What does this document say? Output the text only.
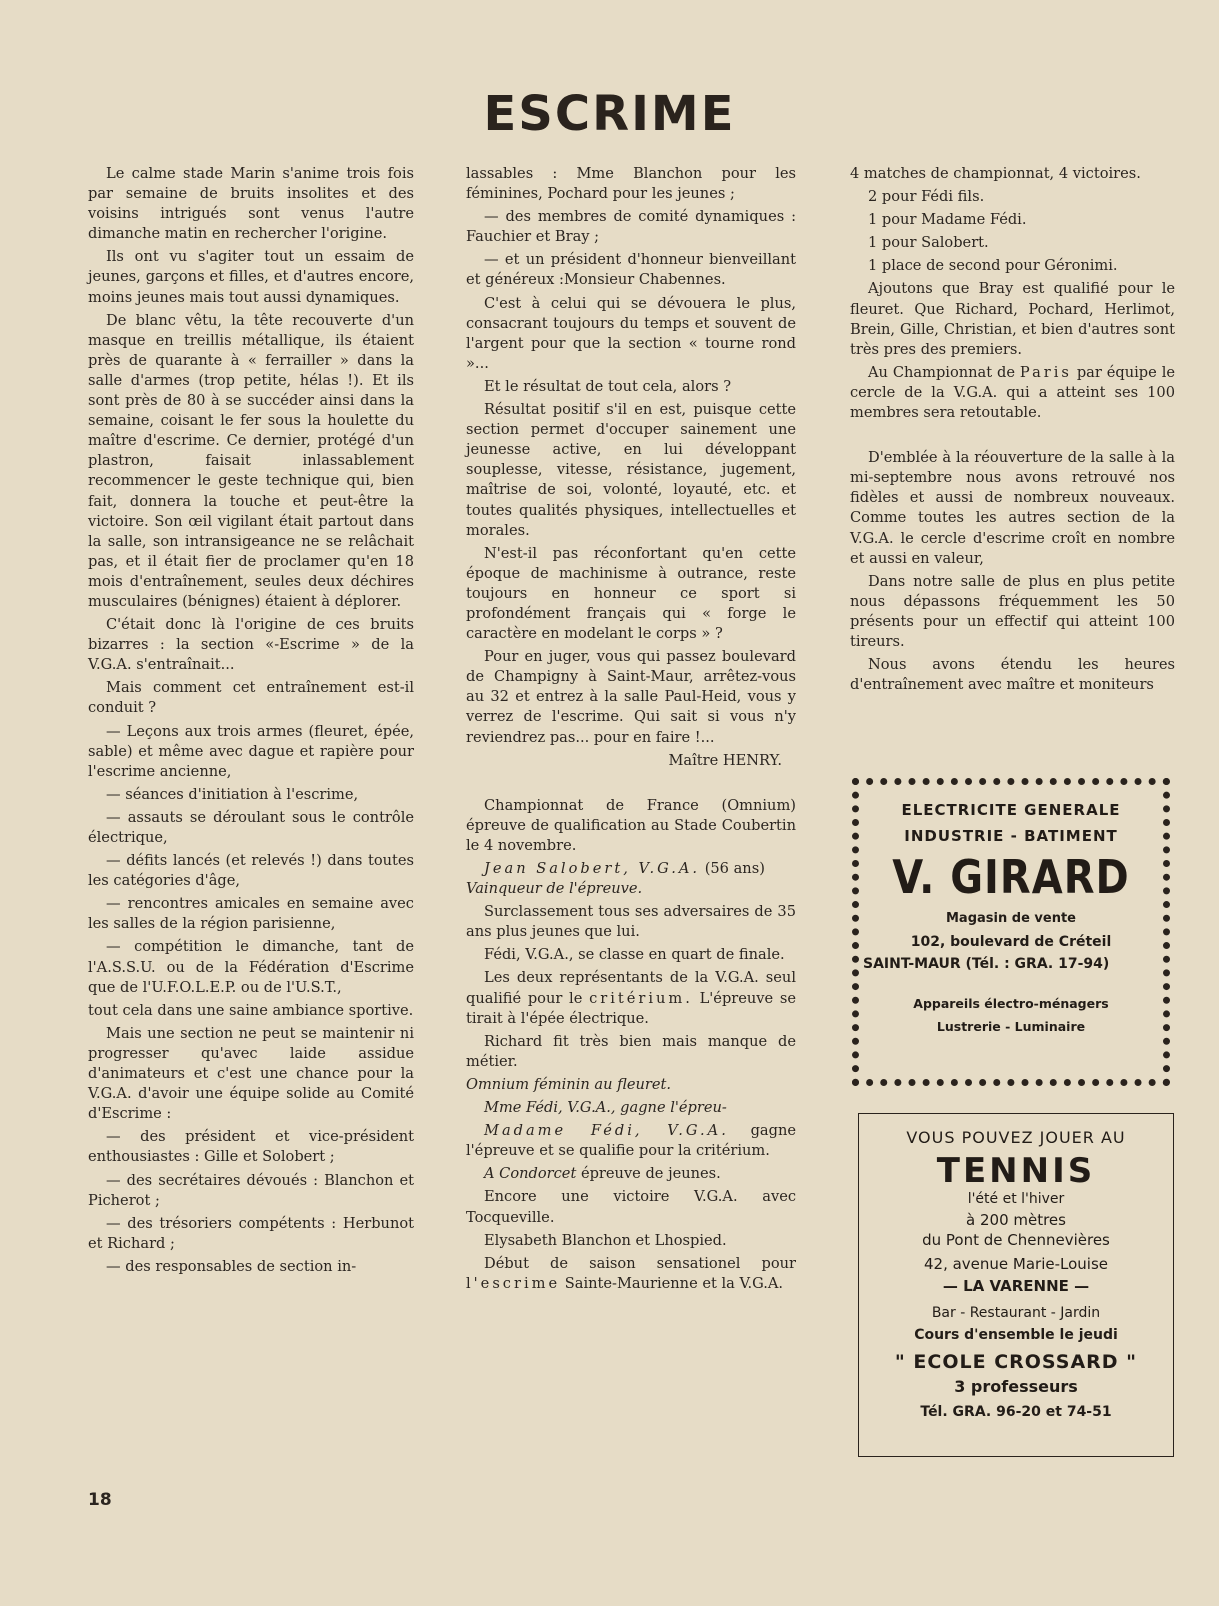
ESCRIME

Le calme stade Marin s'anime trois fois par semaine de bruits insolites et des voisins intrigués sont venus l'autre dimanche matin en rechercher l'origine.

Ils ont vu s'agiter tout un essaim de jeunes, garçons et filles, et d'autres encore, moins jeunes mais tout aussi dynamiques.

De blanc vêtu, la tête recouverte d'un masque en treillis métallique, ils étaient près de quarante à « ferrailler » dans la salle d'armes (trop petite, hélas !). Et ils sont près de 80 à se succéder ainsi dans la semaine, coisant le fer sous la houlette du maître d'escrime. Ce dernier, protégé d'un plastron, faisait inlassablement recommencer le geste technique qui, bien fait, donnera la touche et peut-être la victoire. Son œil vigilant était partout dans la salle, son intransigeance ne se relâchait pas, et il était fier de proclamer qu'en 18 mois d'entraînement, seules deux déchires musculaires (bénignes) étaient à déplorer.

C'était donc là l'origine de ces bruits bizarres : la section «-Escrime » de la V.G.A. s'entraînait...

Mais comment cet entraînement est-il conduit ?

— Leçons aux trois armes (fleuret, épée, sable) et même avec dague et rapière pour l'escrime ancienne,

— séances d'initiation à l'escrime,

— assauts se déroulant sous le contrôle électrique,

— défits lancés (et relevés !) dans toutes les catégories d'âge,

— rencontres amicales en semaine avec les salles de la région parisienne,

— compétition le dimanche, tant de l'A.S.S.U. ou de la Fédération d'Escrime que de l'U.F.O.L.E.P. ou de l'U.S.T.,

tout cela dans une saine ambiance sportive.

Mais une section ne peut se maintenir ni progresser qu'avec laide assidue d'animateurs et c'est une chance pour la V.G.A. d'avoir une équipe solide au Comité d'Escrime :

— des président et vice-président enthousiastes : Gille et Solobert ;

— des secrétaires dévoués : Blanchon et Picherot ;

— des trésoriers compétents : Herbunot et Richard ;

— des responsables de section in-

lassables : Mme Blanchon pour les féminines, Pochard pour les jeunes ;

— des membres de comité dynamiques : Fauchier et Bray ;

— et un président d'honneur bienveillant et généreux :Monsieur Chabennes.

C'est à celui qui se dévouera le plus, consacrant toujours du temps et souvent de l'argent pour que la section « tourne rond »...

Et le résultat de tout cela, alors ?

Résultat positif s'il en est, puisque cette section permet d'occuper sainement une jeunesse active, en lui développant souplesse, vitesse, résistance, jugement, maîtrise de soi, volonté, loyauté, etc. et toutes qualités physiques, intellectuelles et morales.

N'est-il pas réconfortant qu'en cette époque de machinisme à outrance, reste toujours en honneur ce sport si profondément français qui « forge le caractère en modelant le corps » ?

Pour en juger, vous qui passez boulevard de Champigny à Saint-Maur, arrêtez-vous au 32 et entrez à la salle Paul-Heid, vous y verrez de l'escrime. Qui sait si vous n'y reviendrez pas... pour en faire !...

Maître HENRY.

Championnat de France (Omnium) épreuve de qualification au Stade Coubertin le 4 novembre.

Jean Salobert, V.G.A. (56 ans)
Vainqueur de l'épreuve.

Surclassement tous ses adversaires de 35 ans plus jeunes que lui.

Fédi, V.G.A., se classe en quart de finale.

Les deux représentants de la V.G.A. seul qualifié pour le critérium. L'épreuve se tirait à l'épée électrique.

Richard fit très bien mais manque de métier.

Omnium féminin au fleuret.

Mme Fédi, V.G.A., gagne l'épreu-

Madame Fédi, V.G.A. gagne l'épreuve et se qualifie pour la critérium.

A Condorcet épreuve de jeunes.

Encore une victoire V.G.A. avec Tocqueville.

Elysabeth Blanchon et Lhospied.

Début de saison sensationel pour l'escrime Sainte-Maurienne et la V.G.A.

4 matches de championnat, 4 victoires.

2 pour Fédi fils.

1 pour Madame Fédi.

1 pour Salobert.

1 place de second pour Géronimi.

Ajoutons que Bray est qualifié pour le fleuret. Que Richard, Pochard, Herlimot, Brein, Gille, Christian, et bien d'autres sont très pres des premiers.

Au Championnat de Paris par équipe le cercle de la V.G.A. qui a atteint ses 100 membres sera retoutable.

D'emblée à la réouverture de la salle à la mi-septembre nous avons retrouvé nos fidèles et aussi de nombreux nouveaux. Comme toutes les autres section de la V.G.A. le cercle d'escrime croît en nombre et aussi en valeur,

Dans notre salle de plus en plus petite nous dépassons fréquemment les 50 présents pour un effectif qui atteint 100 tireurs.

Nous avons étendu les heures d'entraînement avec maître et moniteurs

ELECTRICITE GENERALE
INDUSTRIE - BATIMENT
V. GIRARD
Magasin de vente
102, boulevard de Créteil
SAINT-MAUR (Tél. : GRA. 17-94)
Appareils électro-ménagers
Lustrerie - Luminaire
VOUS POUVEZ JOUER AU
TENNIS
l'été et l'hiver
à 200 mètres
du Pont de Chennevières
42, avenue Marie-Louise
— LA VARENNE —
Bar - Restaurant - Jardin
Cours d'ensemble le jeudi
" ECOLE CROSSARD "
3 professeurs
Tél. GRA. 96-20 et 74-51
18
